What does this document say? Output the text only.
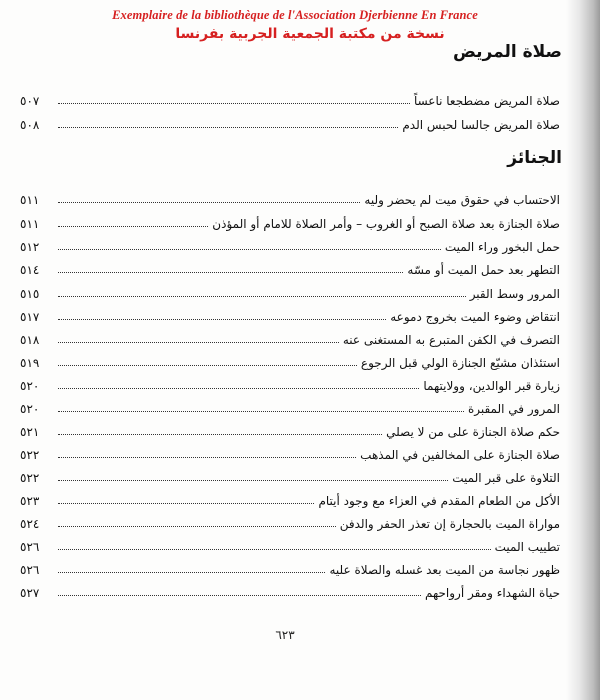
Exemplaire de la bibliothèque de l'Association Djerbienne En France
نسخة من مكتبة الجمعية الجربية بفرنسا
صلاة المريض
صلاة المريض مضطجعا ناعساً
٥٠٧
صلاة المريض جالسا لحبس الدم
٥٠٨
الجنائز
الاحتساب في حقوق ميت لم يحضر وليه
٥١١
صلاة الجنازة بعد صلاة الصبح أو الغروب – وأمر الصلاة للامام أو المؤذن
٥١١
حمل البخور وراء الميت
٥١٢
التطهر بعد حمل الميت أو مسّه
٥١٤
المرور وسط القبر
٥١٥
انتقاض وضوء الميت بخروج دموعه
٥١٧
التصرف في الكفن المتبرع به المستغنى عنه
٥١٨
استئذان مشيّع الجنازة الولي قبل الرجوع
٥١٩
زيارة قبر الوالدين، وولايتهما
٥٢٠
المرور في المقبرة
٥٢٠
حكم صلاة الجنازة على من لا يصلي
٥٢١
صلاة الجنازة على المخالفين في المذهب
٥٢٢
التلاوة على قبر الميت
٥٢٢
الأكل من الطعام المقدم في العزاء مع وجود أيتام
٥٢٣
مواراة الميت بالحجارة إن تعذر الحفر والدفن
٥٢٤
تطييب الميت
٥٢٦
ظهور نجاسة من الميت بعد غسله والصلاة عليه
٥٢٦
حياة الشهداء ومقر أرواحهم
٥٢٧
٦٢٣
